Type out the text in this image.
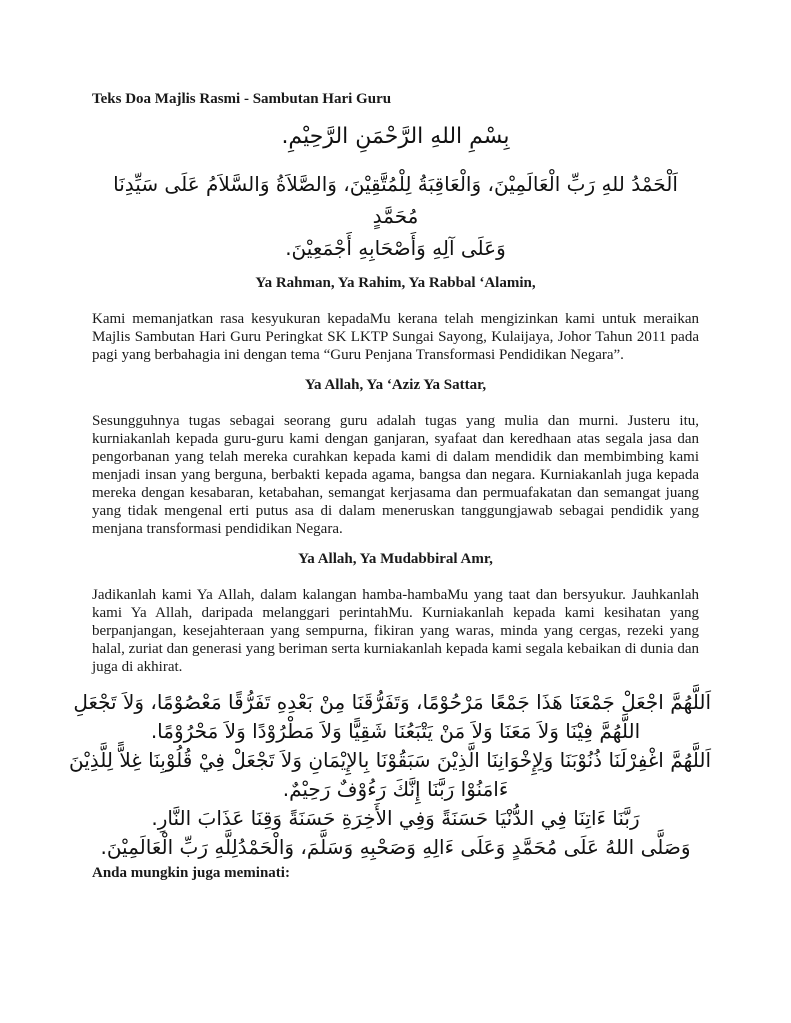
Teks Doa Majlis Rasmi - Sambutan Hari Guru
بِسْمِ اللهِ الرَّحْمَنِ الرَّحِيْمِ.
اَلْحَمْدُ للهِ رَبِّ الْعَالَمِيْنَ، وَالْعَاقِبَةُ لِلْمُتَّقِيْنَ، وَالصَّلاَةُ وَالسَّلاَمُ عَلَى سَيِّدِنَا مُحَمَّدٍ
وَعَلَى آلِهِ وَأَصْحَابِهِ أَجْمَعِيْنَ.
Ya Rahman, Ya Rahim, Ya Rabbal ‘Alamin,
Kami memanjatkan rasa kesyukuran kepadaMu kerana telah mengizinkan kami untuk meraikan Majlis Sambutan Hari Guru Peringkat SK LKTP Sungai Sayong, Kulaijaya, Johor Tahun 2011 pada pagi yang berbahagia ini dengan tema “Guru Penjana Transformasi Pendidikan Negara”.
Ya Allah, Ya ‘Aziz Ya Sattar,
Sesungguhnya tugas sebagai seorang guru adalah tugas yang mulia dan murni. Justeru itu, kurniakanlah kepada guru-guru kami dengan ganjaran, syafaat dan keredhaan atas segala jasa dan pengorbanan yang telah mereka curahkan kepada kami di dalam mendidik dan membimbing kami menjadi insan yang berguna, berbakti kepada agama, bangsa dan negara. Kurniakanlah juga kepada mereka dengan kesabaran, ketabahan, semangat kerjasama dan permuafakatan dan semangat juang yang tidak mengenal erti putus asa di dalam meneruskan tanggungjawab sebagai pendidik yang menjana transformasi pendidikan Negara.
Ya Allah, Ya Mudabbiral Amr,
Jadikanlah kami Ya Allah, dalam kalangan hamba-hambaMu yang taat dan bersyukur. Jauhkanlah kami Ya Allah, daripada melanggari perintahMu. Kurniakanlah kepada kami kesihatan yang berpanjangan, kesejahteraan yang sempurna, fikiran yang waras, minda yang cergas, rezeki yang halal, zuriat dan generasi yang beriman serta kurniakanlah kepada kami segala kebaikan di dunia dan juga di akhirat.
اَللَّهُمَّ اجْعَلْ جَمْعَنَا هَذَا جَمْعًا مَرْحُوْمًا، وَتَفَرُّقَنَا مِنْ بَعْدِهِ تَفَرُّقًا مَعْصُوْمًا، وَلاَ تَجْعَلِ
اللَّهُمَّ فِيْنَا وَلاَ مَعَنَا وَلاَ مَنْ يَتْبَعُنَا شَقِيًّا وَلاَ مَطْرُوْدًا وَلاَ مَحْرُوْمًا.
اَللَّهُمَّ اغْفِرْلَنَا ذُنُوْبَنَا وَلِإِخْوَانِنَا الَّذِيْنَ سَبَقُوْنَا بِالإِيْمَانِ وَلاَ تَجْعَلْ فِيْ قُلُوْبِنَا غِلاًّ لِلَّذِيْنَ
ءَامَنُوْا رَبَّنَا إِنَّكَ رَءُوْفٌ رَحِيْمٌ.
رَبَّنَا ءَاتِنَا فِي الدُّنْيَا حَسَنَةً وَفِي الأَخِرَةِ حَسَنَةً وَقِنَا عَذَابَ النَّارِ.
وَصَلَّى اللهُ عَلَى مُحَمَّدٍ وَعَلَى ءَالِهِ وَصَحْبِهِ وَسَلَّمَ، وَالْحَمْدُلِلَّهِ رَبِّ الْعَالَمِيْنَ.
Anda mungkin juga meminati:
